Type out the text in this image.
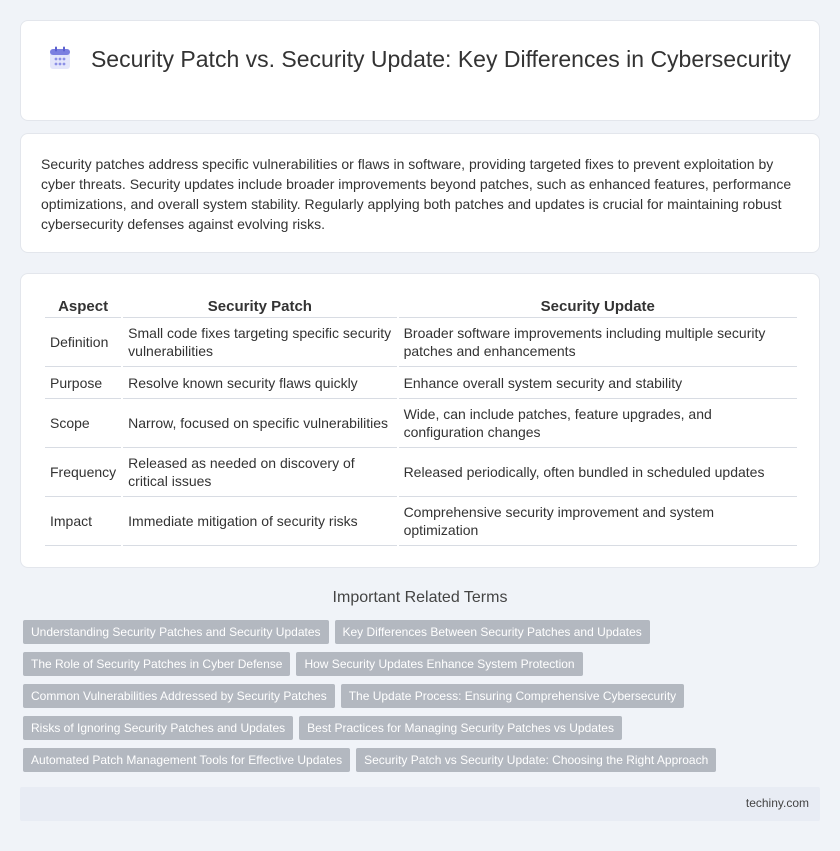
Security Patch vs. Security Update: Key Differences in Cybersecurity

Security patches address specific vulnerabilities or flaws in software, providing targeted fixes to prevent exploitation by cyber threats. Security updates include broader improvements beyond patches, such as enhanced features, performance optimizations, and overall system stability. Regularly applying both patches and updates is crucial for maintaining robust cybersecurity defenses against evolving risks.

Aspect	Security Patch	Security Update
Definition	Small code fixes targeting specific security vulnerabilities	Broader software improvements including multiple security patches and enhancements
Purpose	Resolve known security flaws quickly	Enhance overall system security and stability
Scope	Narrow, focused on specific vulnerabilities	Wide, can include patches, feature upgrades, and configuration changes
Frequency	Released as needed on discovery of critical issues	Released periodically, often bundled in scheduled updates
Impact	Immediate mitigation of security risks	Comprehensive security improvement and system optimization
Important Related Terms
Understanding Security Patches and Security Updates Key Differences Between Security Patches and Updates
The Role of Security Patches in Cyber Defense How Security Updates Enhance System Protection
Common Vulnerabilities Addressed by Security Patches The Update Process: Ensuring Comprehensive Cybersecurity
Risks of Ignoring Security Patches and Updates Best Practices for Managing Security Patches vs Updates
Automated Patch Management Tools for Effective Updates Security Patch vs Security Update: Choosing the Right Approach
techiny.com
